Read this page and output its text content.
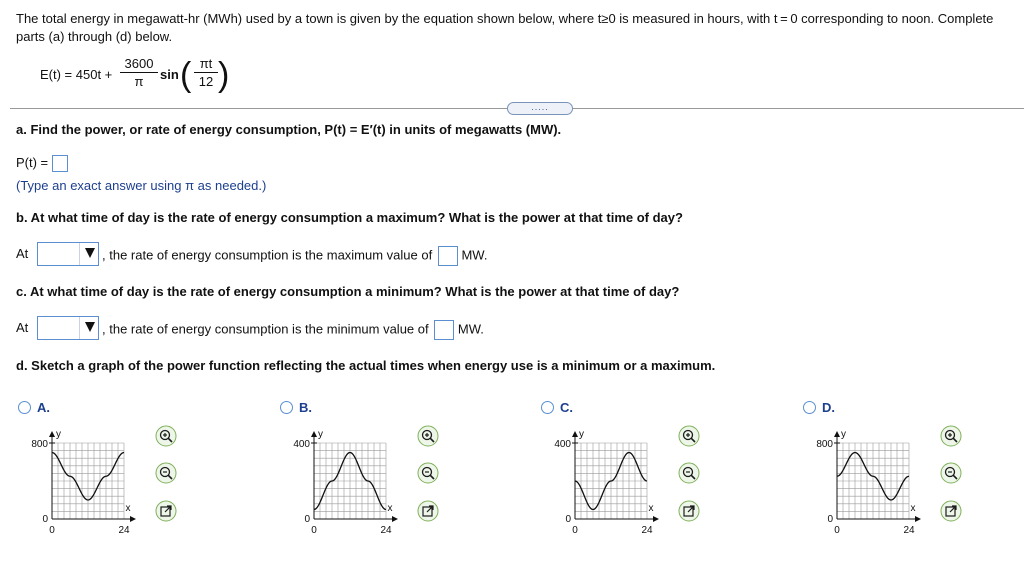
The total energy in megawatt-hr (MWh) used by a town is given by the equation shown below, where t≥0 is measured in hours, with t = 0 corresponding to noon. Complete parts (a) through (d) below.
E(t) = 450t +
3600
π	sin ( πt
12 )
.....
a. Find the power, or rate of energy consumption, P(t) = E′(t) in units of megawatts (MW).
P(t) =
(Type an exact answer using π as needed.)
b. At what time of day is the rate of energy consumption a maximum? What is the power at that time of day?
At	, the rate of energy consumption is the maximum value of MW.
c. At what time of day is the rate of energy consumption a minimum? What is the power at that time of day?
At	, the rate of energy consumption is the minimum value of MW.
d. Sketch a graph of the power function reflecting the actual times when energy use is a minimum or a maximum.
A.
y
800
0
0	24
x
B.
y
400
0
0	24
x
C.
y
400
0
0	24
x
D.
y
800
0
0	24
x
